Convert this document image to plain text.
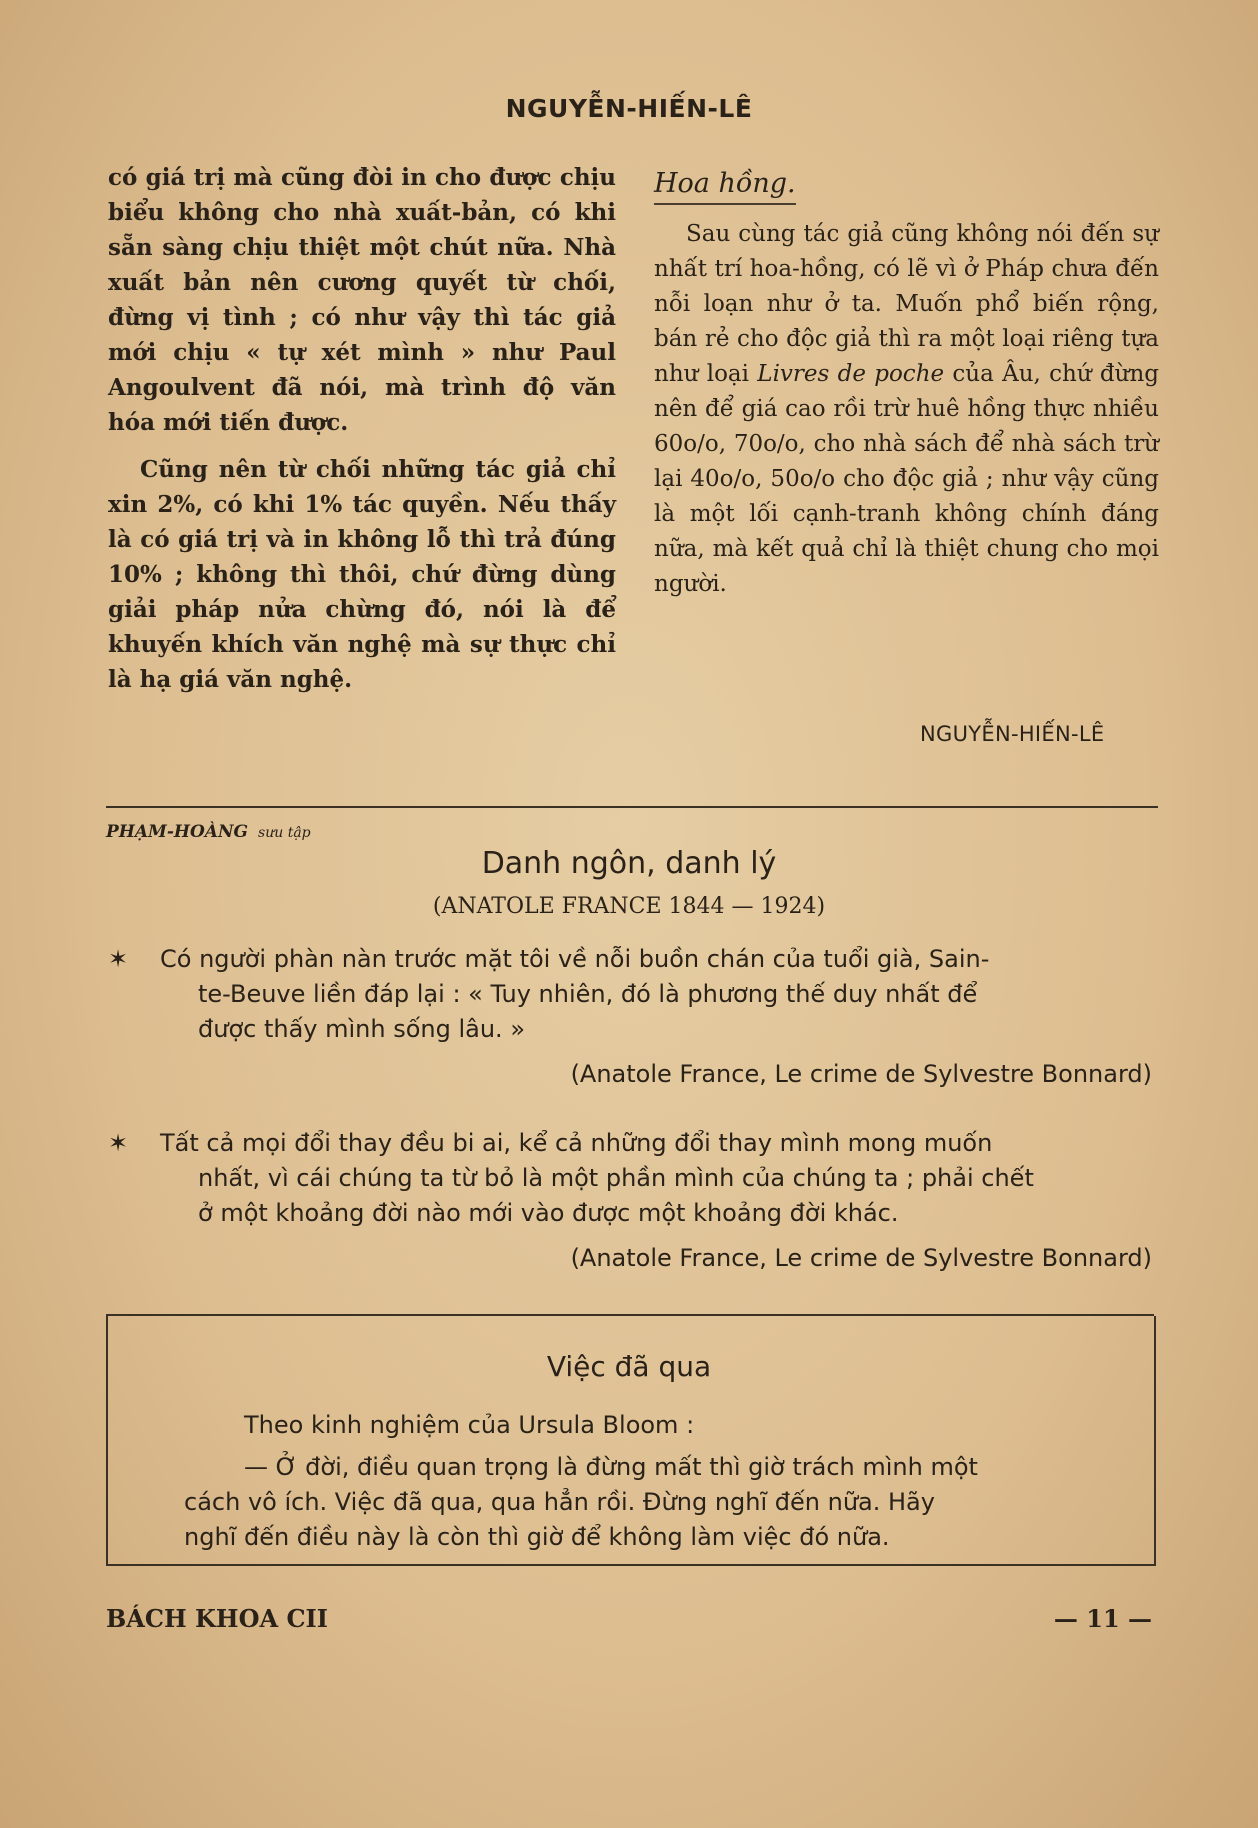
NGUYỄN-HIẾN-LÊ

có giá trị mà cũng đòi in cho được chịu biểu không cho nhà xuất-bản, có khi sẵn sàng chịu thiệt một chút nữa. Nhà xuất bản nên cương quyết từ chối, đừng vị tình ; có như vậy thì tác giả mới chịu « tự xét mình » như Paul Angoulvent đã nói, mà trình độ văn hóa mới tiến được.

Cũng nên từ chối những tác giả chỉ xin 2%, có khi 1% tác quyền. Nếu thấy là có giá trị và in không lỗ thì trả đúng 10% ; không thì thôi, chứ đừng dùng giải pháp nửa chừng đó, nói là để khuyến khích văn nghệ mà sự thực chỉ là hạ giá văn nghệ.

Hoa hồng.

Sau cùng tác giả cũng không nói đến sự nhất trí hoa-hồng, có lẽ vì ở Pháp chưa đến nỗi loạn như ở ta. Muốn phổ biến rộng, bán rẻ cho độc giả thì ra một loại riêng tựa như loại Livres de poche của Âu, chứ đừng nên để giá cao rồi trừ huê hồng thực nhiều 60o/o, 70o/o, cho nhà sách để nhà sách trừ lại 40o/o, 50o/o cho độc giả ; như vậy cũng là một lối cạnh-tranh không chính đáng nữa, mà kết quả chỉ là thiệt chung cho mọi người.

NGUYỄN-HIẾN-LÊ
PHẠM-HOÀNG sưu tập
Danh ngôn, danh lý
(ANATOLE FRANCE 1844 — 1924)
✶ Có người phàn nàn trước mặt tôi về nỗi buồn chán của tuổi già, Sain-
te-Beuve liền đáp lại : « Tuy nhiên, đó là phương thế duy nhất để
được thấy mình sống lâu. »
(Anatole France, Le crime de Sylvestre Bonnard)
✶ Tất cả mọi đổi thay đều bi ai, kể cả những đổi thay mình mong muốn
nhất, vì cái chúng ta từ bỏ là một phần mình của chúng ta ; phải chết
ở một khoảng đời nào mới vào được một khoảng đời khác.
(Anatole France, Le crime de Sylvestre Bonnard)
Việc đã qua
Theo kinh nghiệm của Ursula Bloom :
— Ở đời, điều quan trọng là đừng mất thì giờ trách mình một
cách vô ích. Việc đã qua, qua hẳn rồi. Đừng nghĩ đến nữa. Hãy
nghĩ đến điều này là còn thì giờ để không làm việc đó nữa.
BÁCH KHOA CII	— 11 —
